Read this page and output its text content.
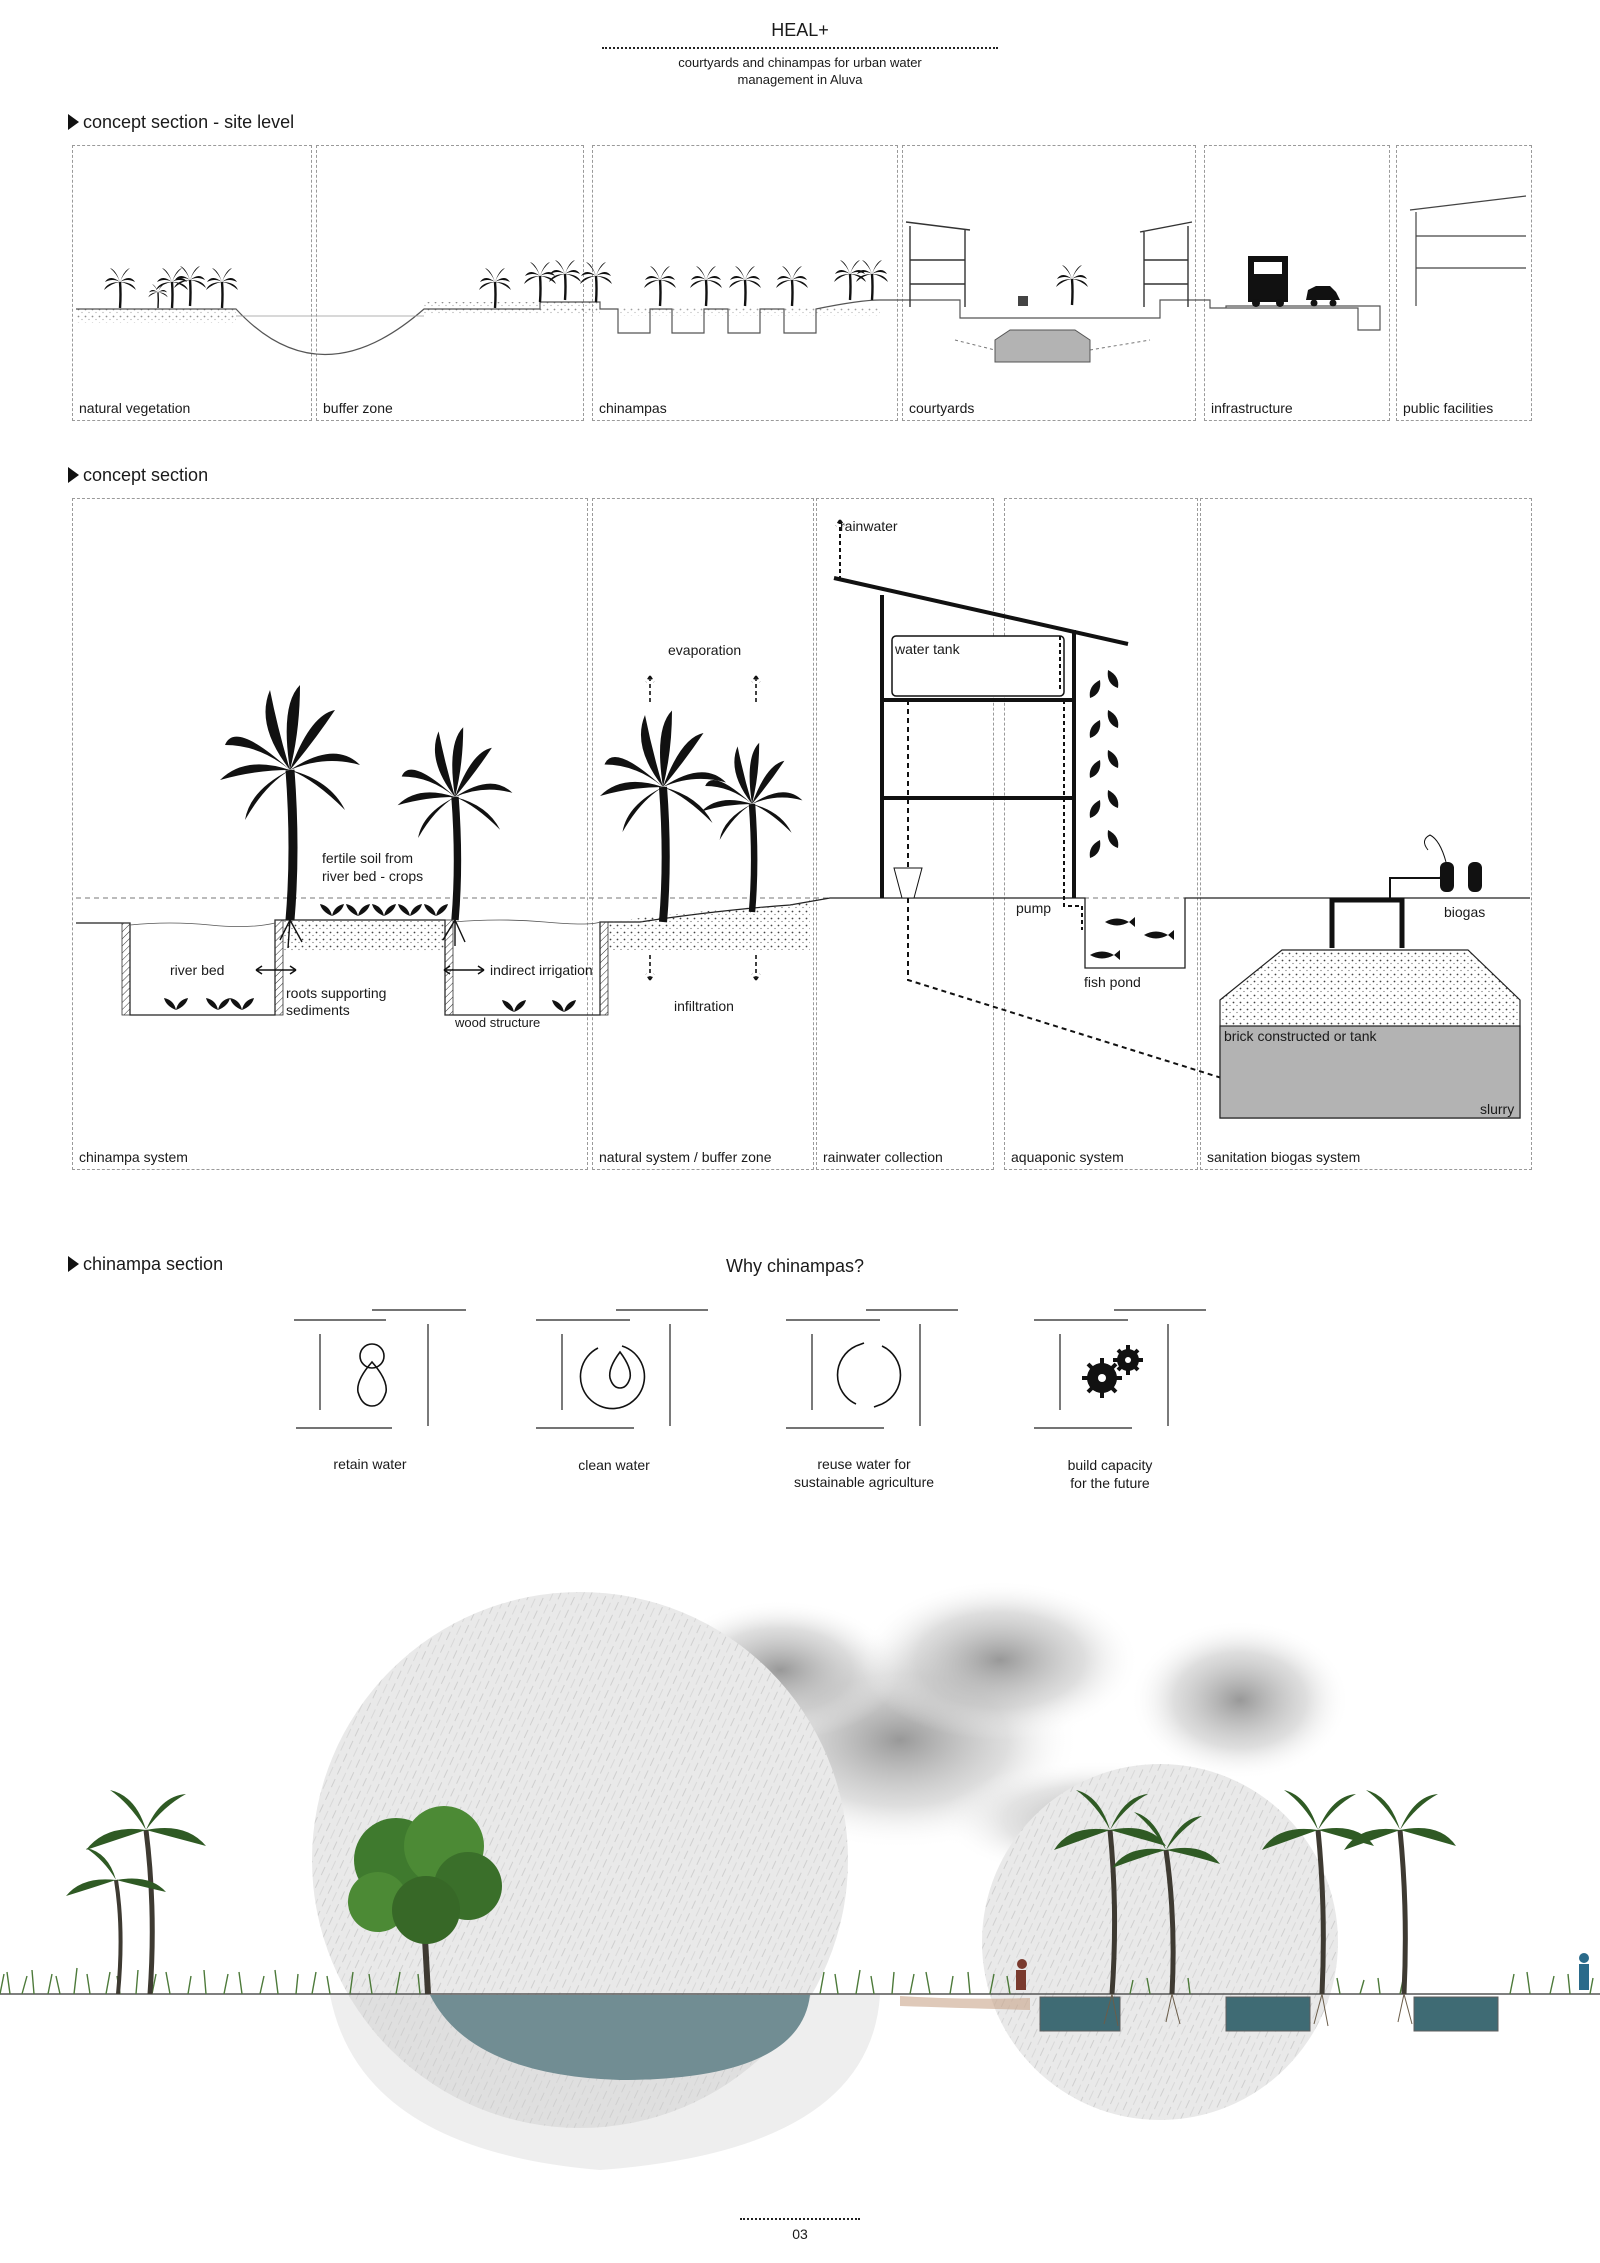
HEAL+
courtyards and chinampas for urban water
management in Aluva
concept section - site level
natural vegetation	buffer zone	chinampas	courtyards	infrastructure	public facilities
concept section
chinampa system	natural system / buffer zone	rainwater collection	aquaponic system	sanitation biogas system
river bed
fertile soil from
river bed - crops
roots supporting
sediments
indirect irrigation
wood structure
evaporation
infiltration
rainwater
water tank
pump
fish pond
biogas
brick constructed or tank
slurry
chinampa section	Why chinampas?
retain water	clean water	reuse water for
sustainable agriculture
build capacity
for the future
03
